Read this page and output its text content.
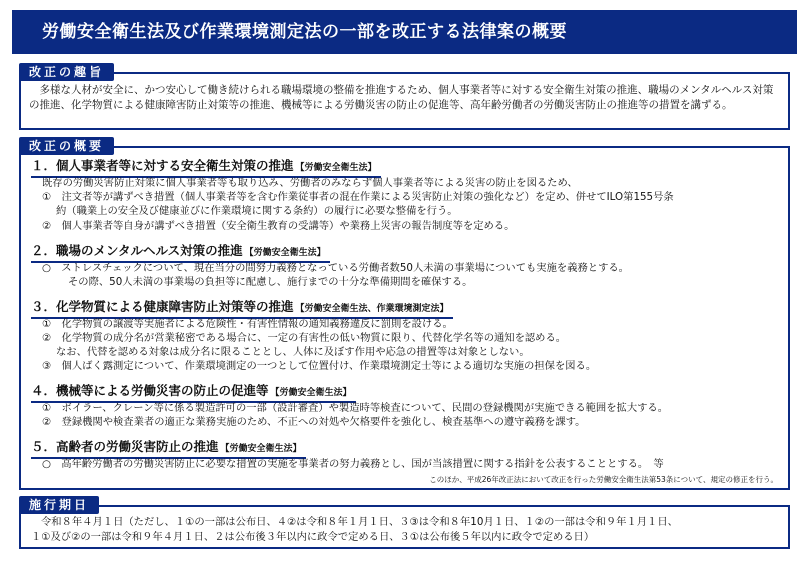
労働安全衛生法及び作業環境測定法の一部を改正する法律案の概要

多様な人材が安全に、かつ安心して働き続けられる職場環境の整備を推進するため、個人事業者等に対する安全衛生対策の推進、職場のメンタルヘルス対策の推進、化学物質による健康障害防止対策等の推進、機械等による労働災害の防止の促進等、高年齢労働者の労働災害防止の推進等の措置を講ずる。

改正の趣旨
１．個人事業者等に対する安全衛生対策の推進 【労働安全衛生法】
既存の労働災害防止対策に個人事業者等も取り込み、労働者のみならず個人事業者等による災害の防止を図るため、
①　注文者等が講ずべき措置（個人事業者等を含む作業従事者の混在作業による災害防止対策の強化など）を定め、併せてILO第155号条
約（職業上の安全及び健康並びに作業環境に関する条約）の履行に必要な整備を行う。
②　個人事業者等自身が講ずべき措置（安全衛生教育の受講等）や業務上災害の報告制度等を定める。
２．職場のメンタルヘルス対策の推進 【労働安全衛生法】
○　ストレスチェックについて、現在当分の間努力義務となっている労働者数50人未満の事業場についても実施を義務とする。
その際、50人未満の事業場の負担等に配慮し、施行までの十分な準備期間を確保する。
３．化学物質による健康障害防止対策等の推進 【労働安全衛生法、作業環境測定法】
①　化学物質の譲渡等実施者による危険性・有害性情報の通知義務違反に罰則を設ける。
②　化学物質の成分名が営業秘密である場合に、一定の有害性の低い物質に限り、代替化学名等の通知を認める。
なお、代替を認める対象は成分名に限ることとし、人体に及ぼす作用や応急の措置等は対象としない。
③　個人ばく露測定について、作業環境測定の一つとして位置付け、作業環境測定士等による適切な実施の担保を図る。
４．機械等による労働災害の防止の促進等 【労働安全衛生法】
①　ボイラー、クレーン等に係る製造許可の一部（設計審査）や製造時等検査について、民間の登録機関が実施できる範囲を拡大する。
②　登録機関や検査業者の適正な業務実施のため、不正への対処や欠格要件を強化し、検査基準への遵守義務を課す。
５．高齢者の労働災害防止の推進 【労働安全衛生法】
○　高年齢労働者の労働災害防止に必要な措置の実施を事業者の努力義務とし、国が当該措置に関する指針を公表することとする。　等
このほか、平成26年改正法において改正を行った労働安全衛生法第53条について、規定の修正を行う。
改正の概要
令和８年４月１日（ただし、１①の一部は公布日、４②は令和８年１月１日、３③は令和８年10月１日、１②の一部は令和９年１月１日、
１①及び②の一部は令和９年４月１日、２は公布後３年以内に政令で定める日、３①は公布後５年以内に政令で定める日）
施行期日
